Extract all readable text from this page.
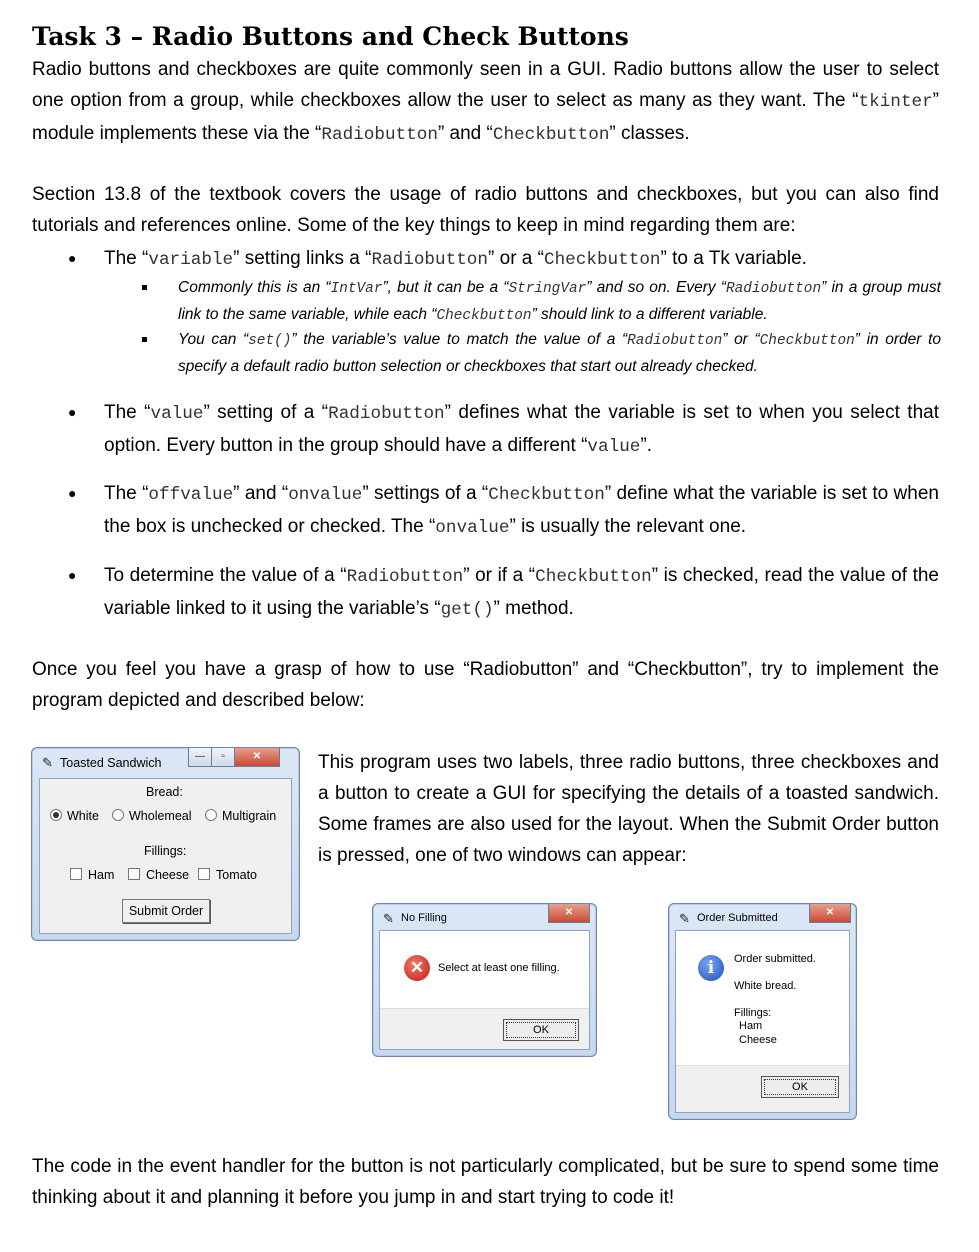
Task 3 – Radio Buttons and Check Buttons
Radio buttons and checkboxes are quite commonly seen in a GUI. Radio buttons allow the user to select one option from a group, while checkboxes allow the user to select as many as they want. The “tkinter” module implements these via the “Radiobutton” and “Checkbutton” classes.
Section 13.8 of the textbook covers the usage of radio buttons and checkboxes, but you can also find tutorials and references online. Some of the key things to keep in mind regarding them are:
● The “variable” setting links a “Radiobutton” or a “Checkbutton” to a Tk variable.
Commonly this is an “IntVar”, but it can be a “StringVar” and so on. Every “Radiobutton” in a group must link to the same variable, while each “Checkbutton” should link to a different variable.
You can “set()” the variable’s value to match the value of a “Radiobutton” or “Checkbutton” in order to specify a default radio button selection or checkboxes that start out already checked.
● The “value” setting of a “Radiobutton” defines what the variable is set to when you select that option. Every button in the group should have a different “value”.
● The “offvalue” and “onvalue” settings of a “Checkbutton” define what the variable is set to when the box is unchecked or checked. The “onvalue” is usually the relevant one.
● To determine the value of a “Radiobutton” or if a “Checkbutton” is checked, read the value of the variable linked to it using the variable’s “get()” method.
Once you feel you have a grasp of how to use “Radiobutton” and “Checkbutton”, try to implement the program depicted and described below:
✎ Toasted Sandwich	—	▫	✕
Bread:
White	Wholemeal	Multigrain
Fillings:
Ham	Cheese	Tomato
Submit Order
This program uses two labels, three radio buttons, three checkboxes and a button to create a GUI for specifying the details of a toasted sandwich. Some frames are also used for the layout. When the Submit Order button is pressed, one of two windows can appear:
✎ No Filling	✕
✕	Select at least one filling.
OK
✎ Order Submitted	✕
i	Order submitted.
White bread.
Fillings:
Ham
Cheese
OK
The code in the event handler for the button is not particularly complicated, but be sure to spend some time thinking about it and planning it before you jump in and start trying to code it!
